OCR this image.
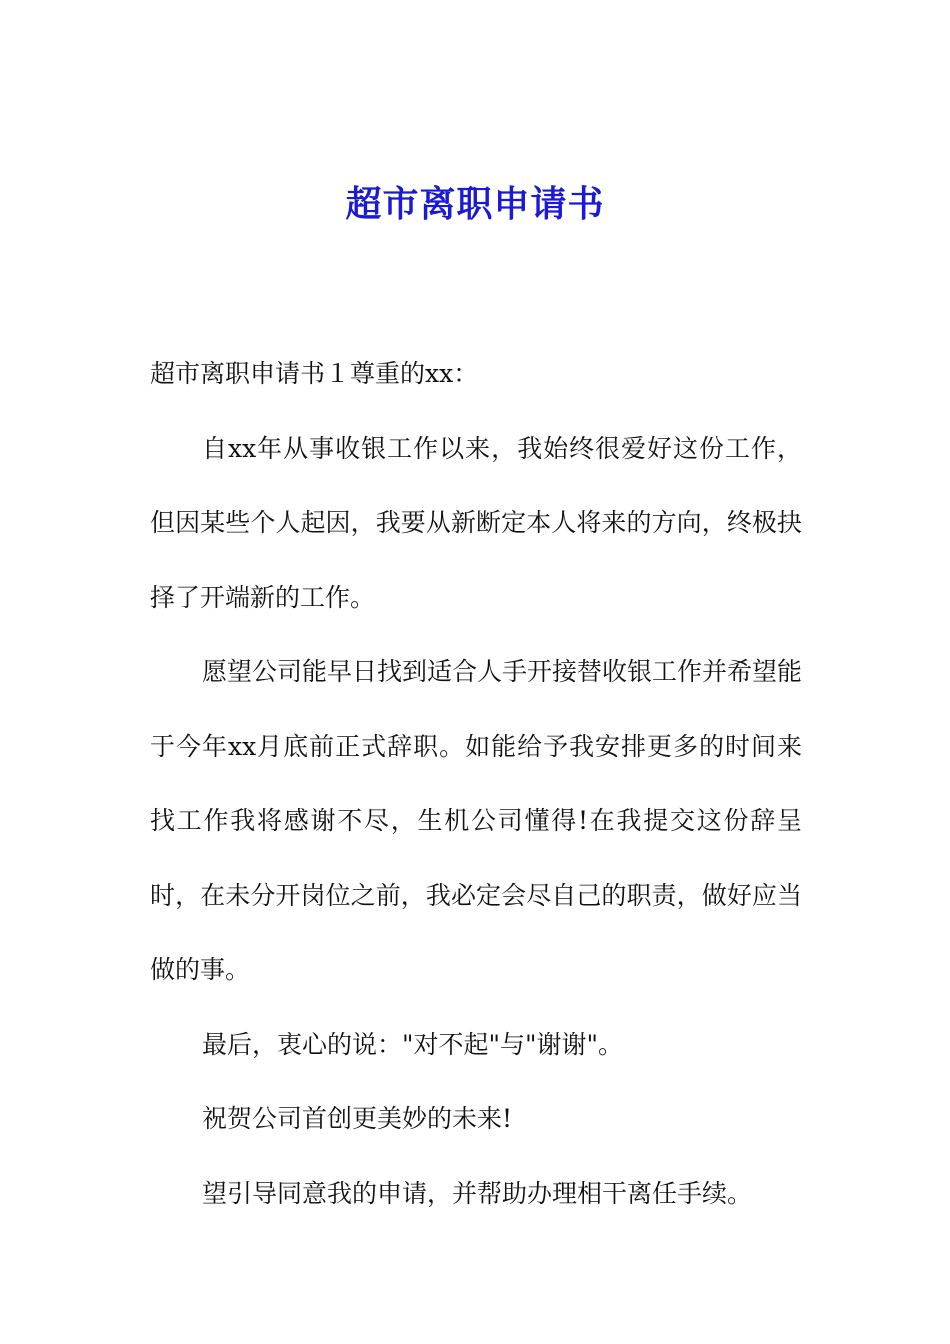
超市离职申请书

超市离职申请书１尊重的xx：

自xx年从事收银工作以来，我始终很爱好这份工作，但因某些个人起因，我要从新断定本人将来的方向，终极抉择了开端新的工作。

愿望公司能早日找到适合人手开接替收银工作并希望能于今年xx月底前正式辞职。如能给予我安排更多的时间来找工作我将感谢不尽，生机公司懂得!在我提交这份辞呈时，在未分开岗位之前，我必定会尽自己的职责，做好应当做的事。

最后，衷心的说："对不起"与"谢谢"。

祝贺公司首创更美妙的未来!

望引导同意我的申请，并帮助办理相干离任手续。
